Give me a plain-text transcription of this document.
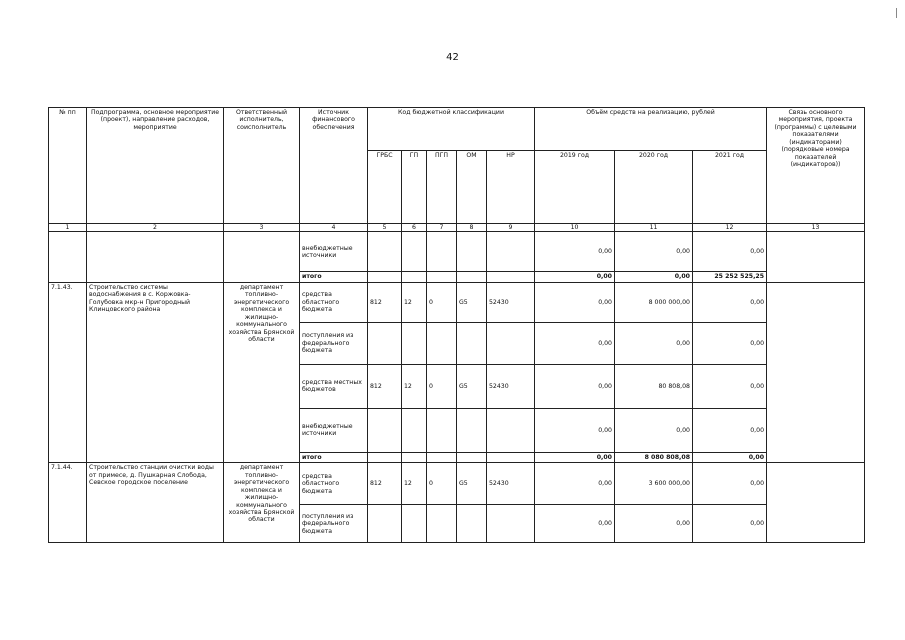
42
№ пп	Подпрограмма, основное мероприятие (проект), направление расходов, мероприятие	Ответственный исполнитель, соисполнитель	Источник финансового обеспечения	Код бюджетной классификации					Объём средств на реализацию, рублей			Связь основного мероприятия, проекта (программы) с целевыми показателями (индикаторами) (порядковые номера показателей (индикаторов))
				ГРБС	ГП	ПГП	ОМ	НР	2019 год	2020 год	2021 год	
1	2	3	4	5	6	7	8	9	10	11	12	13
			внебюджетные источники						0,00	0,00	0,00	
			итого						0,00	0,00	25 252 525,25	
7.1.43.	Строительство системы водоснабжения в с. Коржовка-Голубовка мкр-н Пригородный Клинцовского района	департамент топливно-энергетического комплекса и жилищно-коммунального хозяйства Брянской области	средства областного бюджета	812	12	0	G5	52430	0,00	8 000 000,00	0,00	
			поступления из федерального бюджета						0,00	0,00	0,00	
			средства местных бюджетов	812	12	0	G5	52430	0,00	80 808,08	0,00	
			внебюджетные источники						0,00	0,00	0,00	
			итого						0,00	8 080 808,08	0,00	
7.1.44.	Строительство станции очистки воды от примесе, д. Пушкарная Слобода, Севское городское поселение	департамент топливно-энергетического комплекса и жилищно-коммунального хозяйства Брянской области	средства областного бюджета	812	12	0	G5	52430	0,00	3 600 000,00	0,00	
			поступления из федерального бюджета						0,00	0,00	0,00	
